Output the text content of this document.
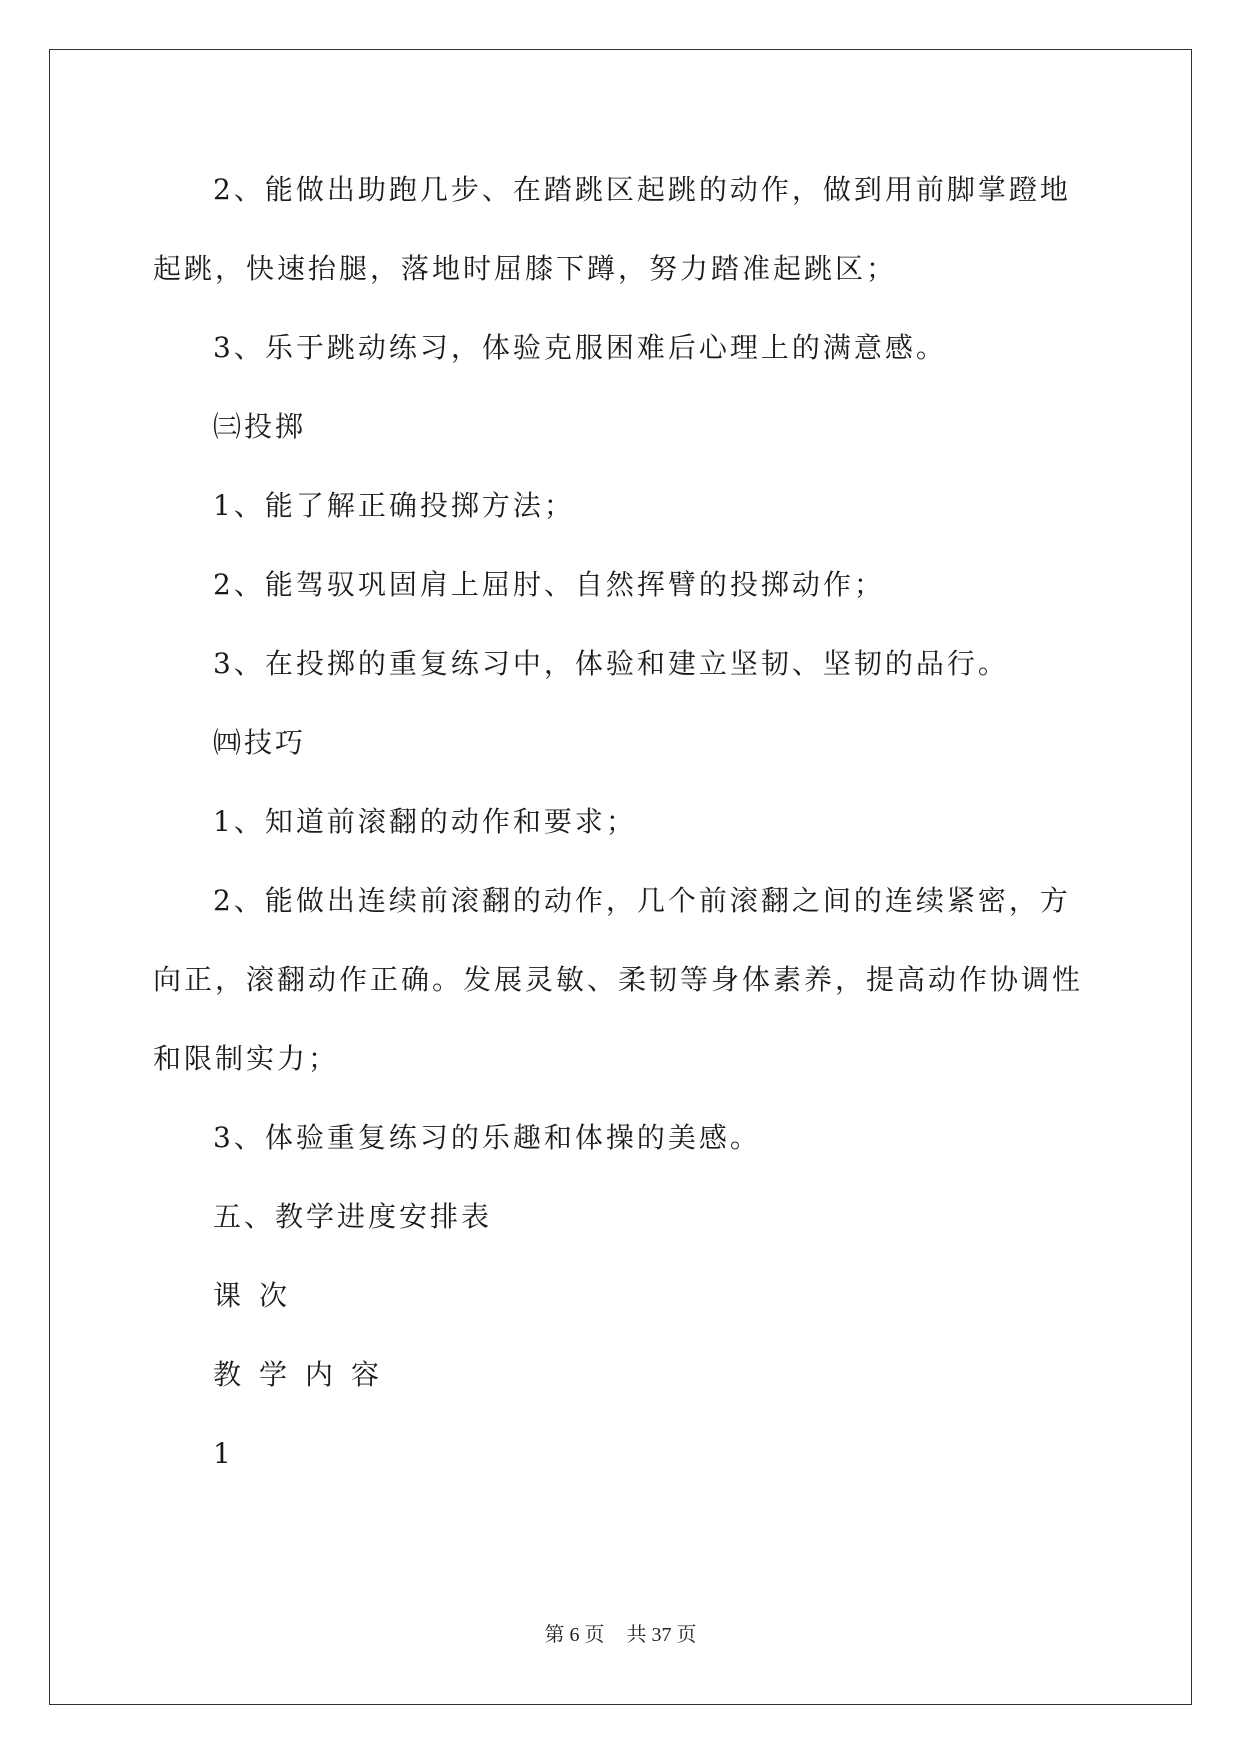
2、能做出助跑几步、在踏跳区起跳的动作，做到用前脚掌蹬地起跳，快速抬腿，落地时屈膝下蹲，努力踏准起跳区；

3、乐于跳动练习，体验克服困难后心理上的满意感。

㈢投掷

1、能了解正确投掷方法；

2、能驾驭巩固肩上屈肘、自然挥臂的投掷动作；

3、在投掷的重复练习中，体验和建立坚韧、坚韧的品行。

㈣技巧

1、知道前滚翻的动作和要求；

2、能做出连续前滚翻的动作，几个前滚翻之间的连续紧密，方向正，滚翻动作正确。发展灵敏、柔韧等身体素养，提高动作协调性和限制实力；

3、体验重复练习的乐趣和体操的美感。

五、教学进度安排表

课次

教学内容

1

第 6 页 共 37 页
